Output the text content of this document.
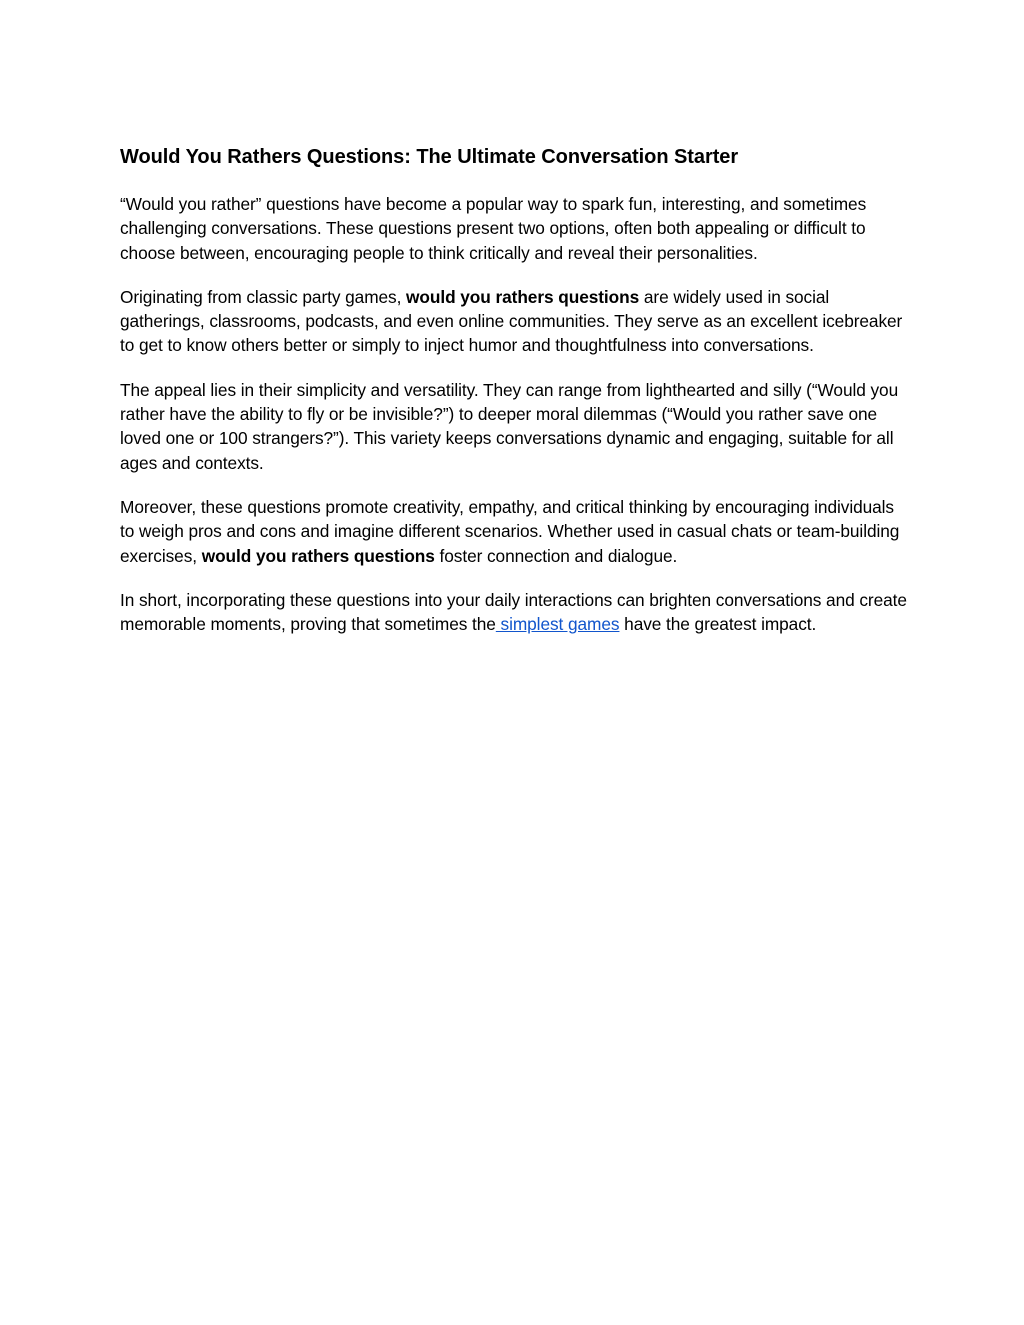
Would You Rathers Questions: The Ultimate Conversation Starter

“Would you rather” questions have become a popular way to spark fun, interesting, and sometimes challenging conversations. These questions present two options, often both appealing or difficult to choose between, encouraging people to think critically and reveal their personalities.

Originating from classic party games, would you rathers questions are widely used in social gatherings, classrooms, podcasts, and even online communities. They serve as an excellent icebreaker to get to know others better or simply to inject humor and thoughtfulness into conversations.

The appeal lies in their simplicity and versatility. They can range from lighthearted and silly (“Would you rather have the ability to fly or be invisible?”) to deeper moral dilemmas (“Would you rather save one loved one or 100 strangers?”). This variety keeps conversations dynamic and engaging, suitable for all ages and contexts.

Moreover, these questions promote creativity, empathy, and critical thinking by encouraging individuals to weigh pros and cons and imagine different scenarios. Whether used in casual chats or team-building exercises, would you rathers questions foster connection and dialogue.

In short, incorporating these questions into your daily interactions can brighten conversations and create memorable moments, proving that sometimes the simplest games have the greatest impact.
